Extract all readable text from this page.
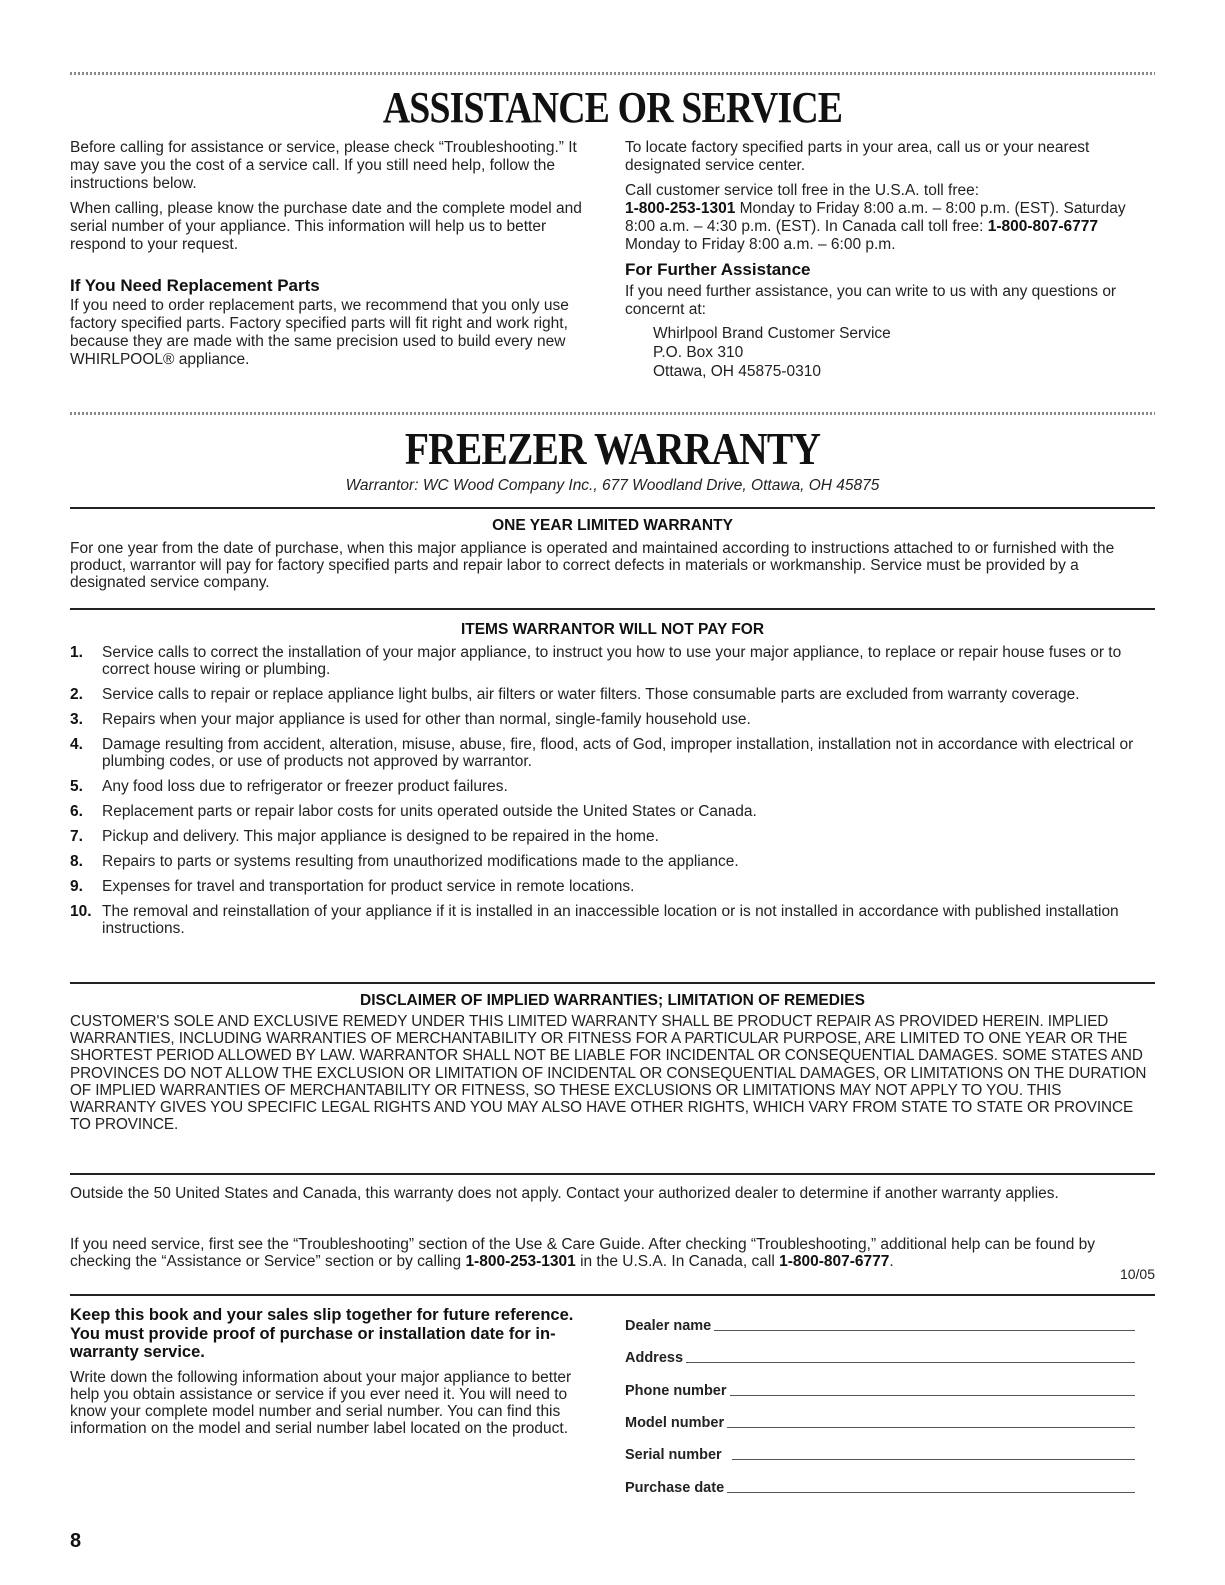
ASSISTANCE OR SERVICE
Before calling for assistance or service, please check “Troubleshooting.” It may save you the cost of a service call. If you still need help, follow the instructions below.
When calling, please know the purchase date and the complete model and serial number of your appliance. This information will help us to better respond to your request.
If You Need Replacement Parts
If you need to order replacement parts, we recommend that you only use factory specified parts. Factory specified parts will fit right and work right, because they are made with the same precision used to build every new WHIRLPOOL® appliance.
To locate factory specified parts in your area, call us or your nearest designated service center.
Call customer service toll free in the U.S.A. toll free:
1-800-253-1301 Monday to Friday 8:00 a.m. – 8:00 p.m. (EST). Saturday 8:00 a.m. – 4:30 p.m. (EST). In Canada call toll free: 1-800-807-6777 Monday to Friday 8:00 a.m. – 6:00 p.m.
For Further Assistance
If you need further assistance, you can write to us with any questions or concernt at:
Whirlpool Brand Customer Service
P.O. Box 310
Ottawa, OH 45875-0310
FREEZER WARRANTY
Warrantor: WC Wood Company Inc., 677 Woodland Drive, Ottawa, OH 45875
ONE YEAR LIMITED WARRANTY
For one year from the date of purchase, when this major appliance is operated and maintained according to instructions attached to or furnished with the product, warrantor will pay for factory specified parts and repair labor to correct defects in materials or workmanship. Service must be provided by a designated service company.
ITEMS WARRANTOR WILL NOT PAY FOR
1. Service calls to correct the installation of your major appliance, to instruct you how to use your major appliance, to replace or repair house fuses or to correct house wiring or plumbing.
2. Service calls to repair or replace appliance light bulbs, air filters or water filters. Those consumable parts are excluded from warranty coverage.
3. Repairs when your major appliance is used for other than normal, single-family household use.
4. Damage resulting from accident, alteration, misuse, abuse, fire, flood, acts of God, improper installation, installation not in accordance with electrical or plumbing codes, or use of products not approved by warrantor.
5. Any food loss due to refrigerator or freezer product failures.
6. Replacement parts or repair labor costs for units operated outside the United States or Canada.
7. Pickup and delivery. This major appliance is designed to be repaired in the home.
8. Repairs to parts or systems resulting from unauthorized modifications made to the appliance.
9. Expenses for travel and transportation for product service in remote locations.
10. The removal and reinstallation of your appliance if it is installed in an inaccessible location or is not installed in accordance with published installation instructions.
DISCLAIMER OF IMPLIED WARRANTIES; LIMITATION OF REMEDIES
CUSTOMER'S SOLE AND EXCLUSIVE REMEDY UNDER THIS LIMITED WARRANTY SHALL BE PRODUCT REPAIR AS PROVIDED HEREIN. IMPLIED WARRANTIES, INCLUDING WARRANTIES OF MERCHANTABILITY OR FITNESS FOR A PARTICULAR PURPOSE, ARE LIMITED TO ONE YEAR OR THE SHORTEST PERIOD ALLOWED BY LAW. WARRANTOR SHALL NOT BE LIABLE FOR INCIDENTAL OR CONSEQUENTIAL DAMAGES. SOME STATES AND PROVINCES DO NOT ALLOW THE EXCLUSION OR LIMITATION OF INCIDENTAL OR CONSEQUENTIAL DAMAGES, OR LIMITATIONS ON THE DURATION OF IMPLIED WARRANTIES OF MERCHANTABILITY OR FITNESS, SO THESE EXCLUSIONS OR LIMITATIONS MAY NOT APPLY TO YOU. THIS WARRANTY GIVES YOU SPECIFIC LEGAL RIGHTS AND YOU MAY ALSO HAVE OTHER RIGHTS, WHICH VARY FROM STATE TO STATE OR PROVINCE TO PROVINCE.
Outside the 50 United States and Canada, this warranty does not apply. Contact your authorized dealer to determine if another warranty applies.
If you need service, first see the “Troubleshooting” section of the Use & Care Guide. After checking “Troubleshooting,” additional help can be found by checking the “Assistance or Service” section or by calling 1-800-253-1301 in the U.S.A. In Canada, call 1-800-807-6777.
10/05
Keep this book and your sales slip together for future reference. You must provide proof of purchase or installation date for in-warranty service.
Write down the following information about your major appliance to better help you obtain assistance or service if you ever need it. You will need to know your complete model number and serial number. You can find this information on the model and serial number label located on the product.
Dealer name
Address
Phone number
Model number
Serial number
Purchase date
8
